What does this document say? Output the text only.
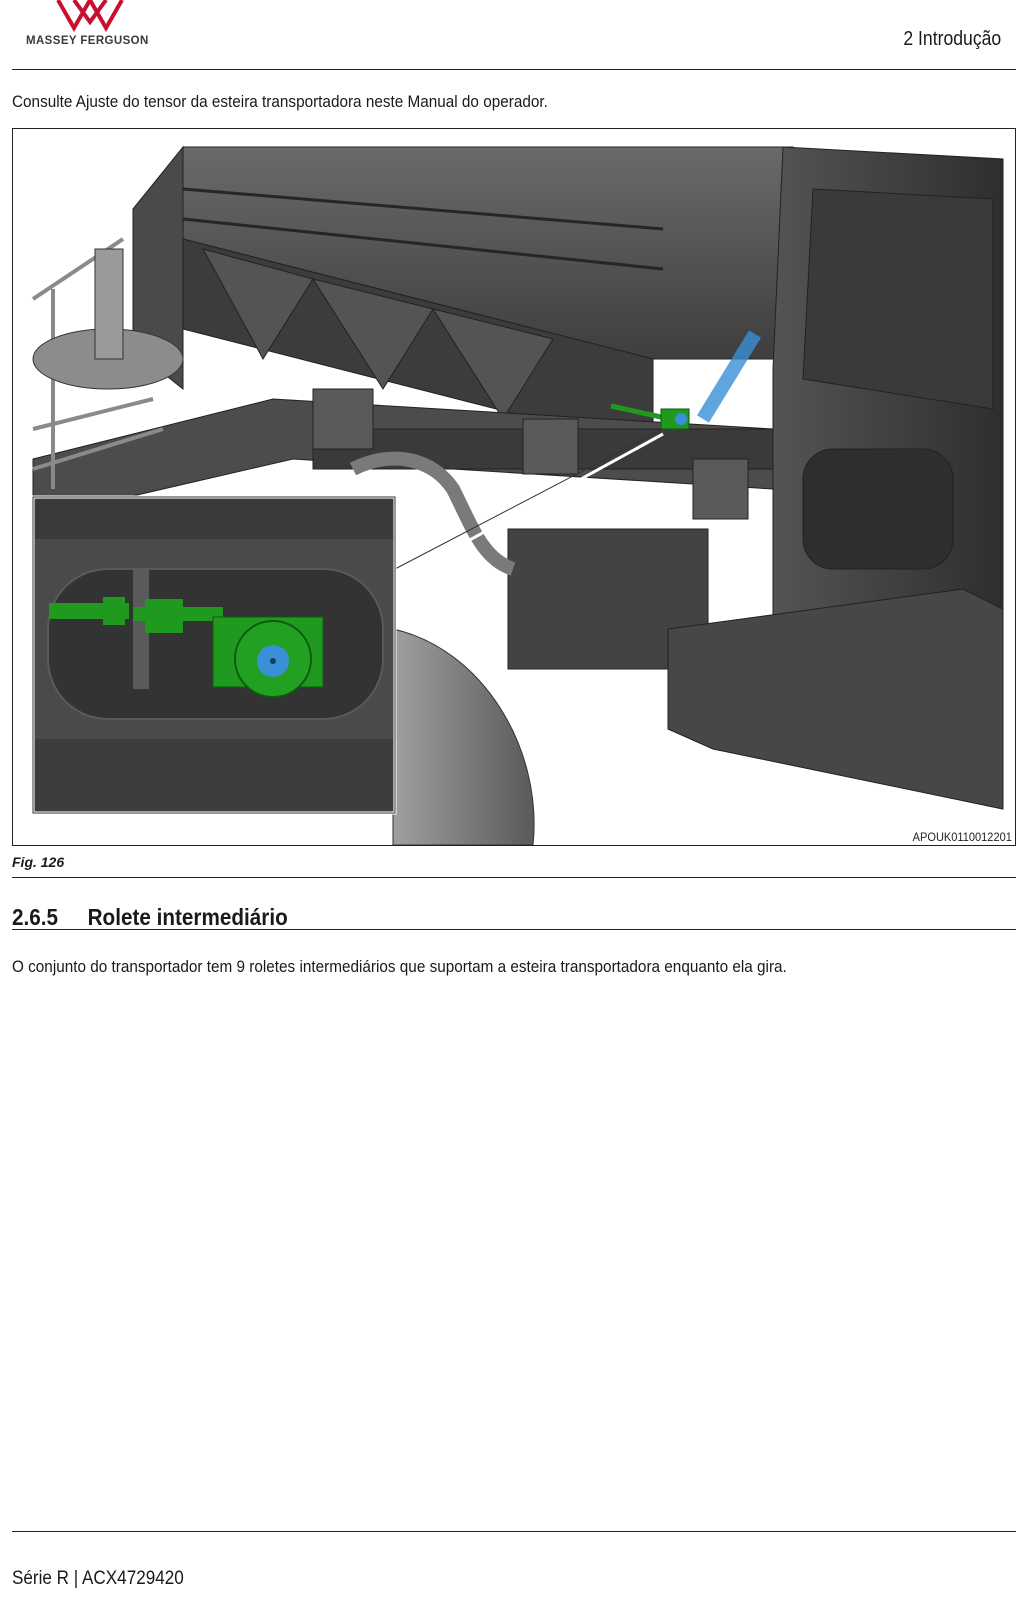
MASSEY FERGUSON	2 Introdução
Consulte Ajuste do tensor da esteira transportadora neste Manual do operador.
APOUK0110012201
Fig. 126
2.6.5 Rolete intermediário
O conjunto do transportador tem 9 roletes intermediários que suportam a esteira transportadora enquanto ela gira.
Série R | ACX4729420
